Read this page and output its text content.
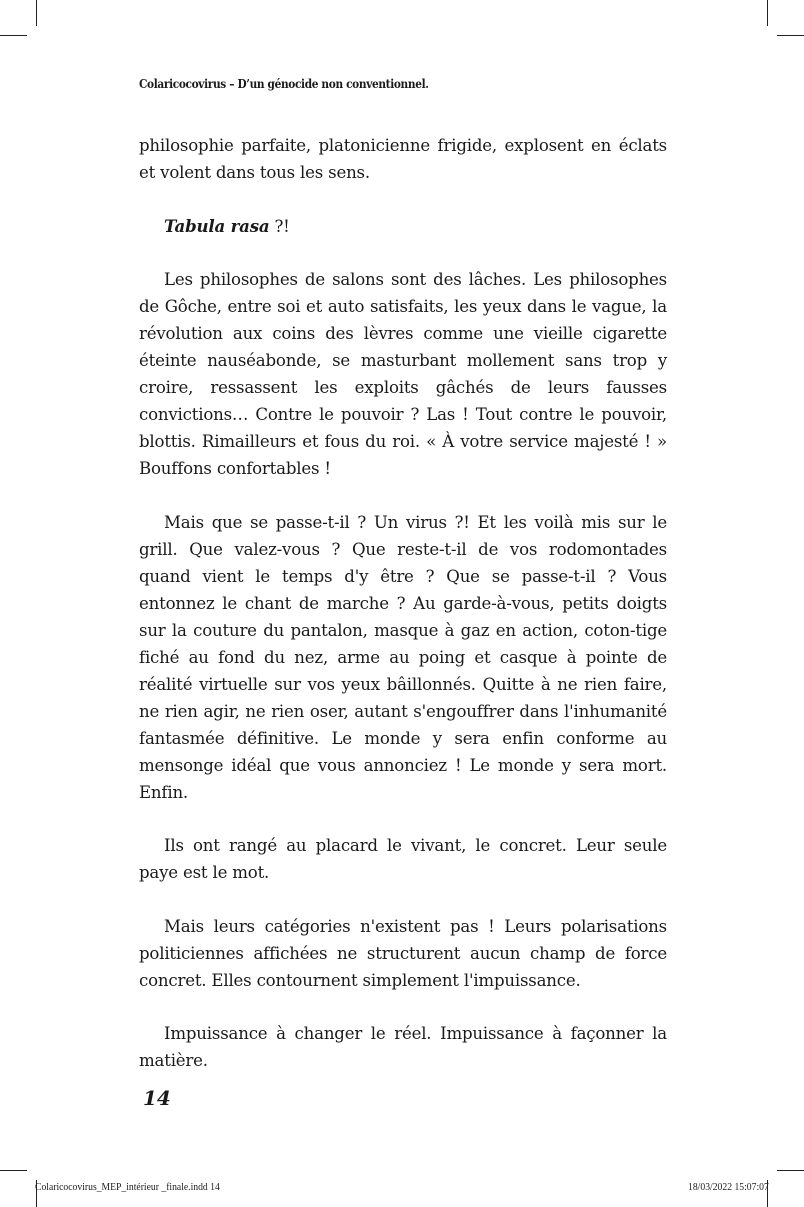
Colaricocovirus – D’un génocide non conventionnel.

philosophie parfaite, platonicienne frigide, explosent en éclats et volent dans tous les sens.

Tabula rasa ?!

Les philosophes de salons sont des lâches. Les philosophes de Gôche, entre soi et auto satisfaits, les yeux dans le vague, la révolution aux coins des lèvres comme une vieille cigarette éteinte nauséabonde, se masturbant mollement sans trop y croire, ressassent les exploits gâchés de leurs fausses convictions… Contre le pouvoir ? Las ! Tout contre le pouvoir, blottis. Rimailleurs et fous du roi. « À votre service majesté ! » Bouffons confortables !

Mais que se passe-t-il ? Un virus ?! Et les voilà mis sur le grill. Que valez-vous ? Que reste-t-il de vos rodomontades quand vient le temps d'y être ? Que se passe-t-il ? Vous entonnez le chant de marche ? Au garde-à-vous, petits doigts sur la couture du pantalon, masque à gaz en action, coton-tige fiché au fond du nez, arme au poing et casque à pointe de réalité virtuelle sur vos yeux bâillonnés. Quitte à ne rien faire, ne rien agir, ne rien oser, autant s'engouffrer dans l'inhumanité fantasmée définitive. Le monde y sera enfin conforme au mensonge idéal que vous annonciez ! Le monde y sera mort. Enfin.

Ils ont rangé au placard le vivant, le concret. Leur seule paye est le mot.

Mais leurs catégories n'existent pas ! Leurs polarisations politiciennes affichées ne structurent aucun champ de force concret. Elles contournent simplement l'impuissance.

Impuissance à changer le réel. Impuissance à façonner la matière.

14
Colaricocovirus_MEP_intérieur _finale.indd 14	18/03/2022 15:07:07
